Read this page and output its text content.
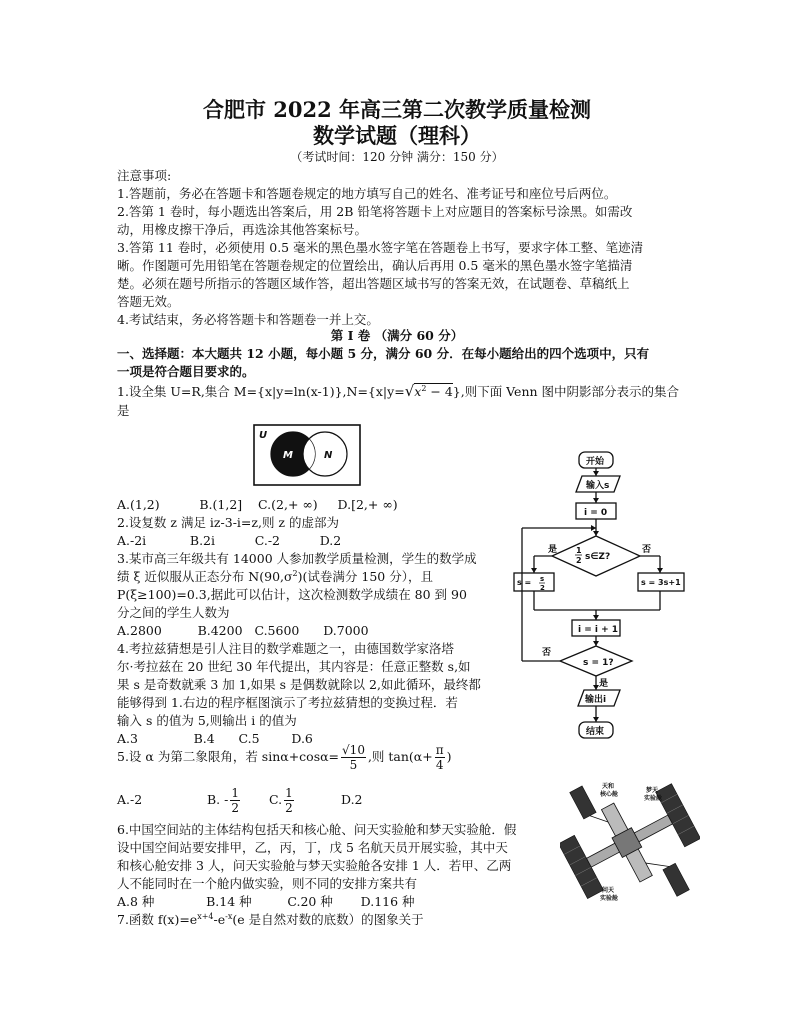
合肥市 2022 年高三第二次教学质量检测
数学试题（理科）
（考试时间：120 分钟 满分：150 分）
注意事项:
1.答题前，务必在答题卡和答题卷规定的地方填写自己的姓名、准考证号和座位号后两位。
2.答第 1 卷时，每小题选出答案后，用 2B 铅笔将答题卡上对应题目的答案标号涂黑。如需改
动，用橡皮擦干净后，再选涂其他答案标号。
3.答第 11 卷时，必须使用 0.5 毫米的黑色墨水签字笔在答题卷上书写，要求字体工整、笔迹清
晰。作图题可先用铅笔在答题卷规定的位置绘出，确认后再用 0.5 毫米的黑色墨水签字笔描清
楚。必须在题号所指示的答题区域作答，超出答题区域书写的答案无效，在试题卷、草稿纸上
答题无效。
4.考试结束，务必将答题卡和答题卷一并上交。
第 I 卷 （满分 60 分）
一、选择题：本大题共 12 小题，每小题 5 分，满分 60 分．在每小题给出的四个选项中，只有
一项是符合题目要求的。
1.设全集 U=R,集合 $M=\{x|y=\ln(x-1)\},N=\{x|y=√x^2 - 4\}$,则下面 Venn 图中阴影部分表示的集合
是
U
M	N
A.(1,2)          B.(1,2]    C.(2,+ ∞)     D.[2,+ ∞)
2.设复数 z 满足 iz-3-i=z,则 z 的虚部为
A.-2i           B.2i          C.-2          D.2
3.某市高三年级共有 14000 人参加教学质量检测，学生的数学成
绩 ξ 近似服从正态分布 $N(90,\sigma^2)$(试卷满分 150 分），且
P(ξ≥100)=0.3,据此可以估计，这次检测数学成绩在 80 到 90
分之间的学生人数为
A.2800         B.4200   C.5600      D.7000
4.考拉兹猜想是引人注目的数学难题之一，由德国数学家洛塔
尔·考拉兹在 20 世纪 30 年代提出，其内容是：任意正整数 s,如
果 s 是奇数就乘 3 加 1,如果 s 是偶数就除以 2,如此循环，最终都
能够得到 1.右边的程序框图演示了考拉兹猜想的变换过程．若
输入 s 的值为 5,则输出 i 的值为
A.3              B.4      C.5        D.6
开始
输入s
i = 0
1
2 s∈Z?
是	否
s = s
2
s = 3s+1
i = i + 1
s = 1?
否
是
输出i
结束
5.设 α 为第二象限角，若 $\sin\alpha+\cos\alpha= \frac{√10}{5}$ ,则 $\tan(\alpha+ \frac{\pi}{4}$ )
A.-2	B. - $\frac{1}{2} C$. $\frac{1}{2}$	D.2
天和
核心舱
梦天
实验舱
问天
实验舱
6.中国空间站的主体结构包括天和核心舱、问天实验舱和梦天实验舱．假
设中国空间站要安排甲，乙，丙，丁，戊 5 名航天员开展实验，其中天
和核心舱安排 3 人，问天实验舱与梦天实验舱各安排 1 人．若甲、乙两
人不能同时在一个舱内做实验，则不同的安排方案共有
A.8 种             B.14 种         C.20 种       D.116 种
7.函数 $f(x)=e^{x+4}-e^{-x}(e$ 是自然对数的底数）的图象关于
